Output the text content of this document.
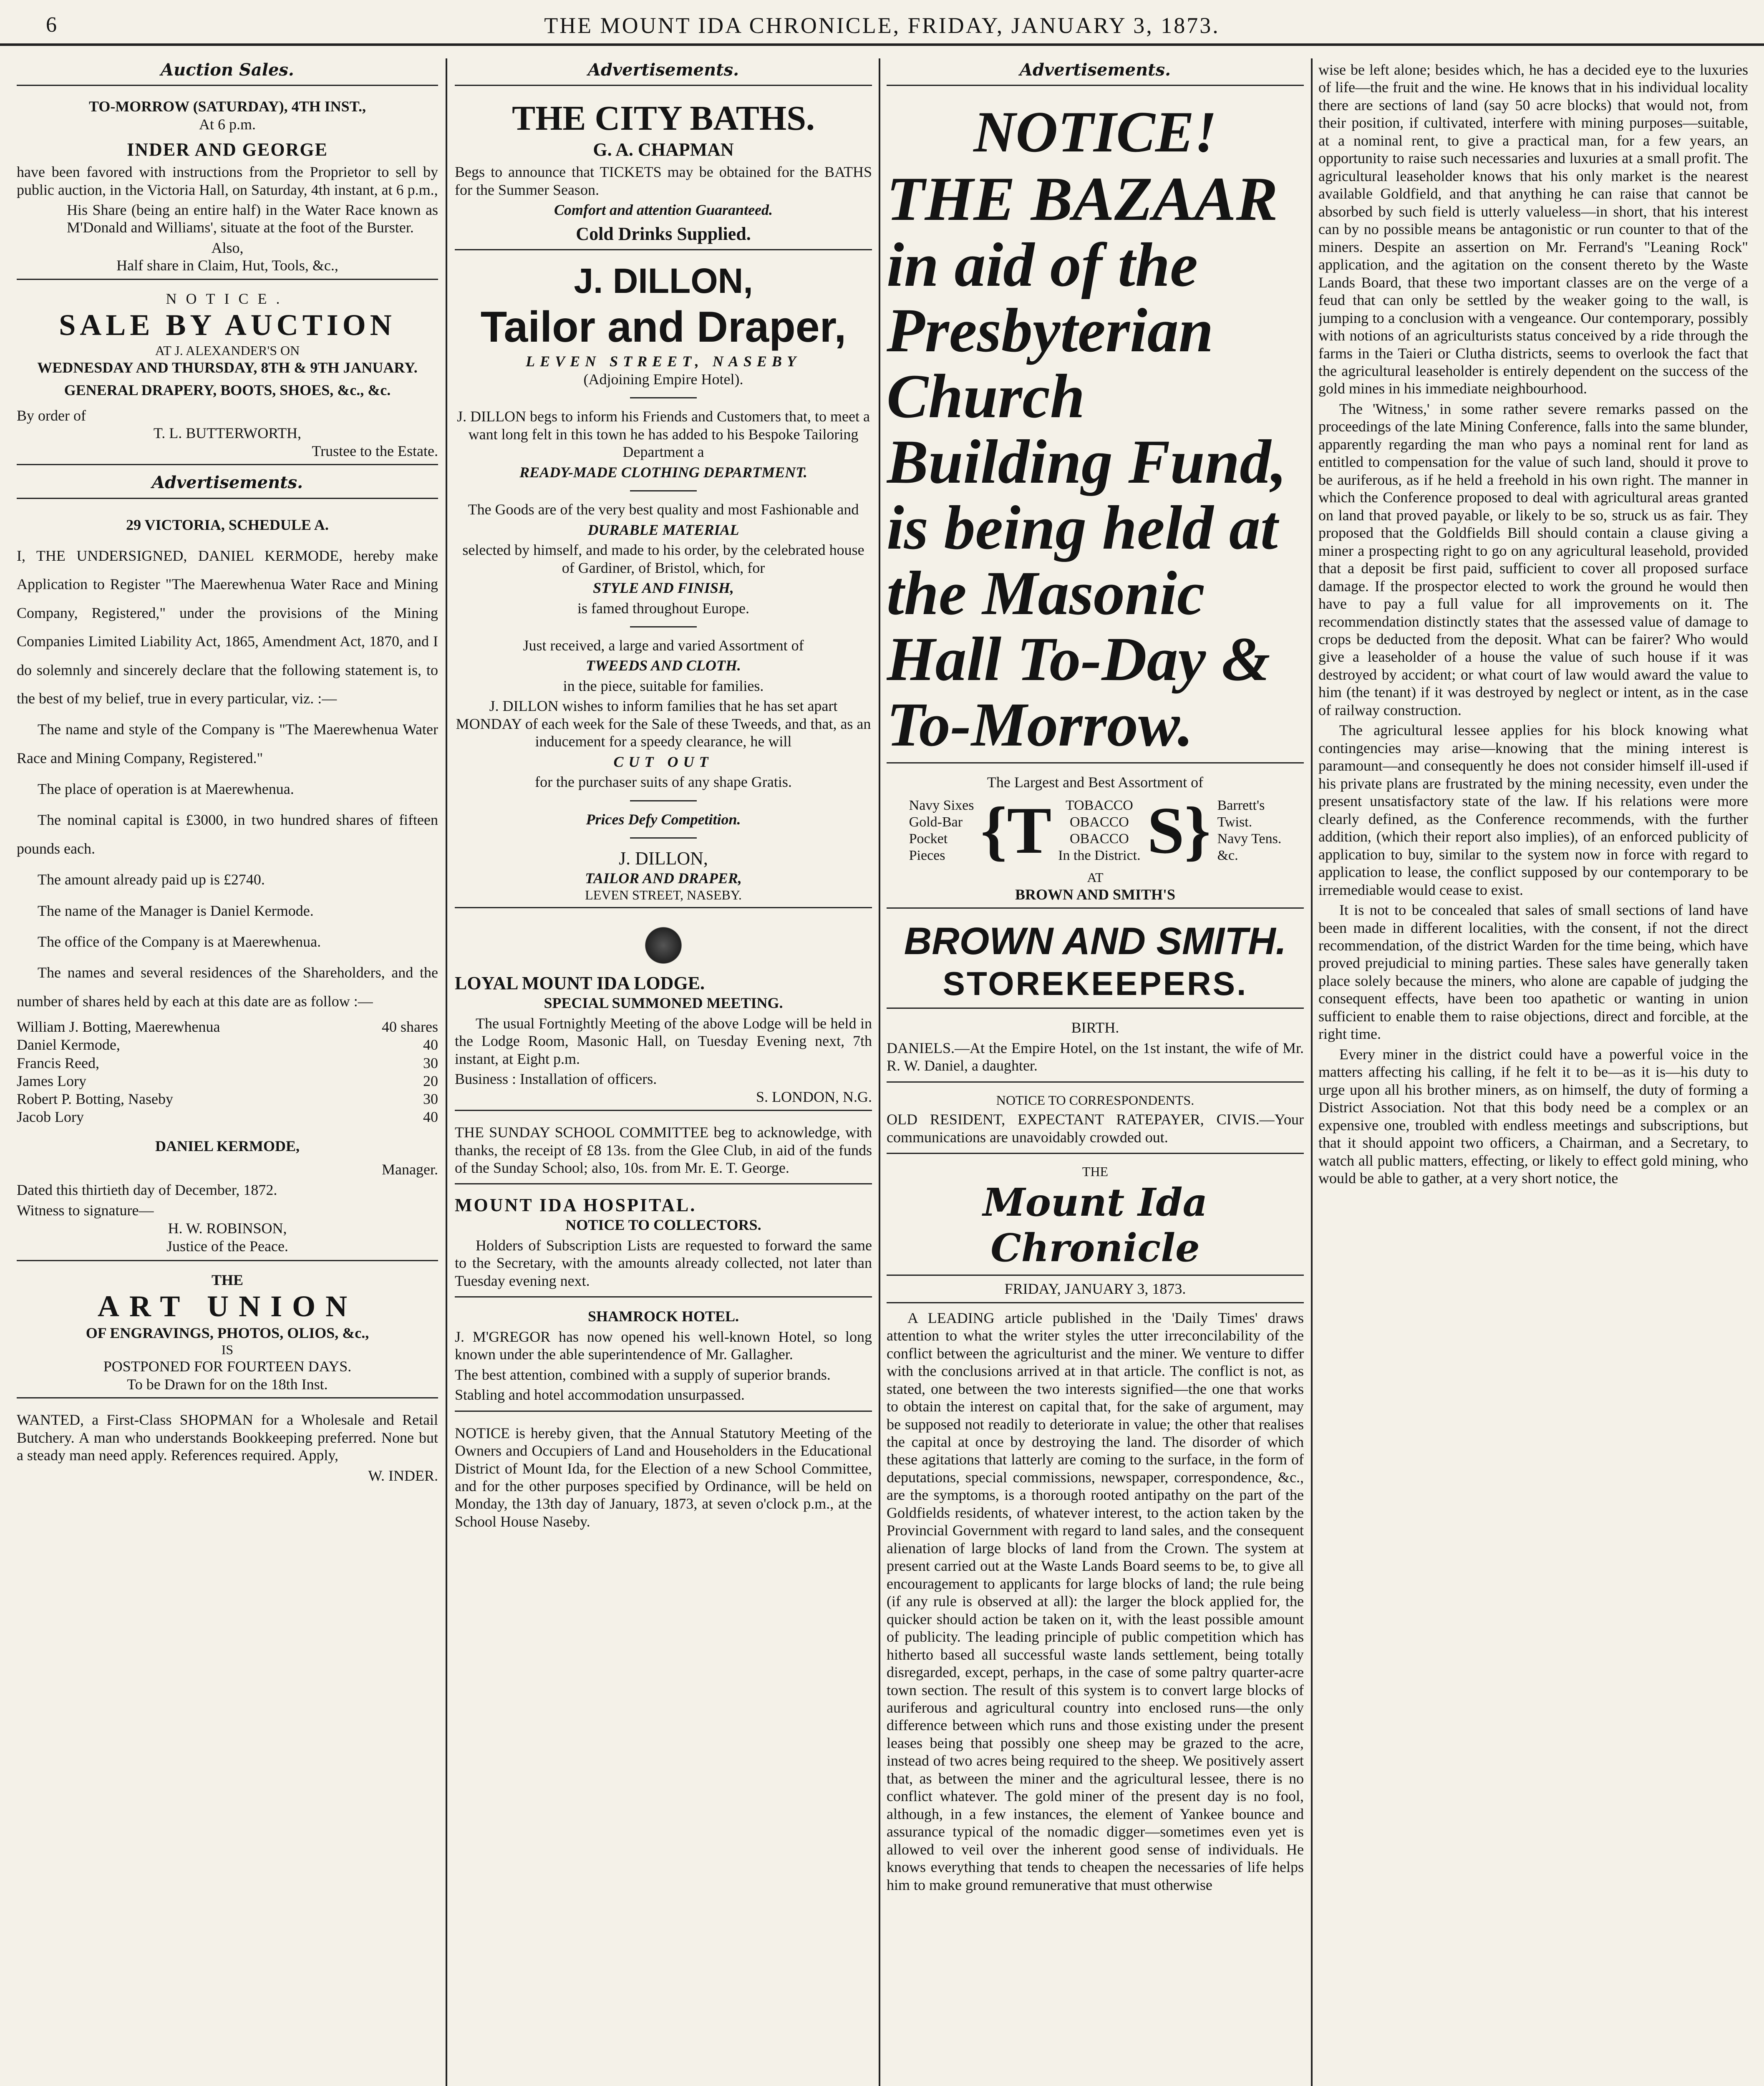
6	THE MOUNT IDA CHRONICLE, FRIDAY, JANUARY 3, 1873.
Auction Sales.
TO-MORROW (SATURDAY), 4TH INST.,
At 6 p.m.
INDER AND GEORGE

have been favored with instructions from the Proprietor to sell by public auction, in the Victoria Hall, on Saturday, 4th instant, at 6 p.m.,

His Share (being an entire half) in the Water Race known as M'Donald and Williams', situate at the foot of the Burster.

Also,
Half share in Claim, Hut, Tools, &c.,
NOTICE.
SALE BY AUCTION
AT J. ALEXANDER'S ON
WEDNESDAY AND THURSDAY, 8TH & 9TH JANUARY.
GENERAL DRAPERY, BOOTS, SHOES, &c., &c.
By order of
T. L. BUTTERWORTH,
Trustee to the Estate.
Advertisements.
29 VICTORIA, SCHEDULE A.

I, THE UNDERSIGNED, DANIEL KERMODE, hereby make Application to Register "The Maerewhenua Water Race and Mining Company, Registered," under the provisions of the Mining Companies Limited Liability Act, 1865, Amendment Act, 1870, and I do solemnly and sincerely declare that the following statement is, to the best of my belief, true in every particular, viz. :—

The name and style of the Company is "The Maerewhenua Water Race and Mining Company, Registered."

The place of operation is at Maerewhenua.

The nominal capital is £3000, in two hundred shares of fifteen pounds each.

The amount already paid up is £2740.

The name of the Manager is Daniel Kermode.

The office of the Company is at Maerewhenua.

The names and several residences of the Shareholders, and the number of shares held by each at this date are as follow :—

William J. Botting, Maerewhenua	40 shares
Daniel Kermode,	40
Francis Reed,	30
James Lory	20
Robert P. Botting, Naseby	30
Jacob Lory	40
DANIEL KERMODE,
Manager.

Dated this thirtieth day of December, 1872.

Witness to signature—
H. W. ROBINSON,
Justice of the Peace.
THE
ART UNION
OF ENGRAVINGS, PHOTOS, OLIOS, &c.,
IS
POSTPONED FOR FOURTEEN DAYS.
To be Drawn for on the 18th Inst.

WANTED, a First-Class SHOPMAN for a Wholesale and Retail Butchery. A man who understands Bookkeeping preferred. None but a steady man need apply. References required. Apply,

W. INDER.
Advertisements.
THE CITY BATHS.
G. A. CHAPMAN

Begs to announce that TICKETS may be obtained for the BATHS for the Summer Season.

Comfort and attention Guaranteed.
Cold Drinks Supplied.
J. DILLON,
Tailor and Draper,
LEVEN STREET, NASEBY
(Adjoining Empire Hotel).

J. DILLON begs to inform his Friends and Customers that, to meet a want long felt in this town he has added to his Bespoke Tailoring Department a

READY-MADE CLOTHING DEPARTMENT.

The Goods are of the very best quality and most Fashionable and

DURABLE MATERIAL

selected by himself, and made to his order, by the celebrated house of Gardiner, of Bristol, which, for

STYLE AND FINISH,

is famed throughout Europe.

Just received, a large and varied Assortment of

TWEEDS AND CLOTH.

in the piece, suitable for families.

J. DILLON wishes to inform families that he has set apart MONDAY of each week for the Sale of these Tweeds, and that, as an inducement for a speedy clearance, he will

CUT OUT

for the purchaser suits of any shape Gratis.

Prices Defy Competition.
J. DILLON,
TAILOR AND DRAPER,
LEVEN STREET, NASEBY.
LOYAL MOUNT IDA LODGE.
SPECIAL SUMMONED MEETING.

The usual Fortnightly Meeting of the above Lodge will be held in the Lodge Room, Masonic Hall, on Tuesday Evening next, 7th instant, at Eight p.m.

Business : Installation of officers.
S. LONDON, N.G.

THE SUNDAY SCHOOL COMMITTEE beg to acknowledge, with thanks, the receipt of £8 13s. from the Glee Club, in aid of the funds of the Sunday School; also, 10s. from Mr. E. T. George.

MOUNT IDA HOSPITAL.
NOTICE TO COLLECTORS.

Holders of Subscription Lists are requested to forward the same to the Secretary, with the amounts already collected, not later than Tuesday evening next.

SHAMROCK HOTEL.

J. M'GREGOR has now opened his well-known Hotel, so long known under the able superintendence of Mr. Gallagher.

The best attention, combined with a supply of superior brands.

Stabling and hotel accommodation unsurpassed.

NOTICE is hereby given, that the Annual Statutory Meeting of the Owners and Occupiers of Land and Householders in the Educational District of Mount Ida, for the Election of a new School Committee, and for the other purposes specified by Ordinance, will be held on Monday, the 13th day of January, 1873, at seven o'clock p.m., at the School House Naseby.

Advertisements.
NOTICE!
THE BAZAAR in aid of the Presbyterian Church Building Fund, is being held at the Masonic Hall To-Day & To-Morrow.
The Largest and Best Assortment of
Navy Sixes
Gold-Bar
Pocket
Pieces {T TOBACCO
OBACCO
OBACCO
In the District. S} Barrett's
Twist.
Navy Tens.
&c.
AT
BROWN AND SMITH'S
BROWN AND SMITH.
STOREKEEPERS.
BIRTH.

DANIELS.—At the Empire Hotel, on the 1st instant, the wife of Mr. R. W. Daniel, a daughter.

NOTICE TO CORRESPONDENTS.

OLD RESIDENT, EXPECTANT RATEPAYER, CIVIS.—Your communications are unavoidably crowded out.

THE
Mount Ida Chronicle
FRIDAY, JANUARY 3, 1873.

A LEADING article published in the 'Daily Times' draws attention to what the writer styles the utter irreconcilability of the conflict between the agriculturist and the miner. We venture to differ with the conclusions arrived at in that article. The conflict is not, as stated, one between the two interests signified—the one that works to obtain the interest on capital that, for the sake of argument, may be supposed not readily to deteriorate in value; the other that realises the capital at once by destroying the land. The disorder of which these agitations that latterly are coming to the surface, in the form of deputations, special commissions, newspaper, correspondence, &c., are the symptoms, is a thorough rooted antipathy on the part of the Goldfields residents, of whatever interest, to the action taken by the Provincial Government with regard to land sales, and the consequent alienation of large blocks of land from the Crown. The system at present carried out at the Waste Lands Board seems to be, to give all encouragement to applicants for large blocks of land; the rule being (if any rule is observed at all): the larger the block applied for, the quicker should action be taken on it, with the least possible amount of publicity. The leading principle of public competition which has hitherto based all successful waste lands settlement, being totally disregarded, except, perhaps, in the case of some paltry quarter-acre town section. The result of this system is to convert large blocks of auriferous and agricultural country into enclosed runs—the only difference between which runs and those existing under the present leases being that possibly one sheep may be grazed to the acre, instead of two acres being required to the sheep. We positively assert that, as between the miner and the agricultural lessee, there is no conflict whatever. The gold miner of the present day is no fool, although, in a few instances, the element of Yankee bounce and assurance typical of the nomadic digger—sometimes even yet is allowed to veil over the inherent good sense of individuals. He knows everything that tends to cheapen the necessaries of life helps him to make ground remunerative that must otherwise

wise be left alone; besides which, he has a decided eye to the luxuries of life—the fruit and the wine. He knows that in his individual locality there are sections of land (say 50 acre blocks) that would not, from their position, if cultivated, interfere with mining purposes—suitable, at a nominal rent, to give a practical man, for a few years, an opportunity to raise such necessaries and luxuries at a small profit. The agricultural leaseholder knows that his only market is the nearest available Goldfield, and that anything he can raise that cannot be absorbed by such field is utterly valueless—in short, that his interest can by no possible means be antagonistic or run counter to that of the miners. Despite an assertion on Mr. Ferrand's "Leaning Rock" application, and the agitation on the consent thereto by the Waste Lands Board, that these two important classes are on the verge of a feud that can only be settled by the weaker going to the wall, is jumping to a conclusion with a vengeance. Our contemporary, possibly with notions of an agriculturists status conceived by a ride through the farms in the Taieri or Clutha districts, seems to overlook the fact that the agricultural leaseholder is entirely dependent on the success of the gold mines in his immediate neighbourhood.

The 'Witness,' in some rather severe remarks passed on the proceedings of the late Mining Conference, falls into the same blunder, apparently regarding the man who pays a nominal rent for land as entitled to compensation for the value of such land, should it prove to be auriferous, as if he held a freehold in his own right. The manner in which the Conference proposed to deal with agricultural areas granted on land that proved payable, or likely to be so, struck us as fair. They proposed that the Goldfields Bill should contain a clause giving a miner a prospecting right to go on any agricultural leasehold, provided that a deposit be first paid, sufficient to cover all proposed surface damage. If the prospector elected to work the ground he would then have to pay a full value for all improvements on it. The recommendation distinctly states that the assessed value of damage to crops be deducted from the deposit. What can be fairer? Who would give a leaseholder of a house the value of such house if it was destroyed by accident; or what court of law would award the value to him (the tenant) if it was destroyed by neglect or intent, as in the case of railway construction.

The agricultural lessee applies for his block knowing what contingencies may arise—knowing that the mining interest is paramount—and consequently he does not consider himself ill-used if his private plans are frustrated by the mining necessity, even under the present unsatisfactory state of the law. If his relations were more clearly defined, as the Conference recommends, with the further addition, (which their report also implies), of an enforced publicity of application to buy, similar to the system now in force with regard to application to lease, the conflict supposed by our contemporary to be irremediable would cease to exist.

It is not to be concealed that sales of small sections of land have been made in different localities, with the consent, if not the direct recommendation, of the district Warden for the time being, which have proved prejudicial to mining parties. These sales have generally taken place solely because the miners, who alone are capable of judging the consequent effects, have been too apathetic or wanting in union sufficient to enable them to raise objections, direct and forcible, at the right time.

Every miner in the district could have a powerful voice in the matters affecting his calling, if he felt it to be—as it is—his duty to urge upon all his brother miners, as on himself, the duty of forming a District Association. Not that this body need be a complex or an expensive one, troubled with endless meetings and subscriptions, but that it should appoint two officers, a Chairman, and a Secretary, to watch all public matters, effecting, or likely to effect gold mining, who would be able to gather, at a very short notice, the
